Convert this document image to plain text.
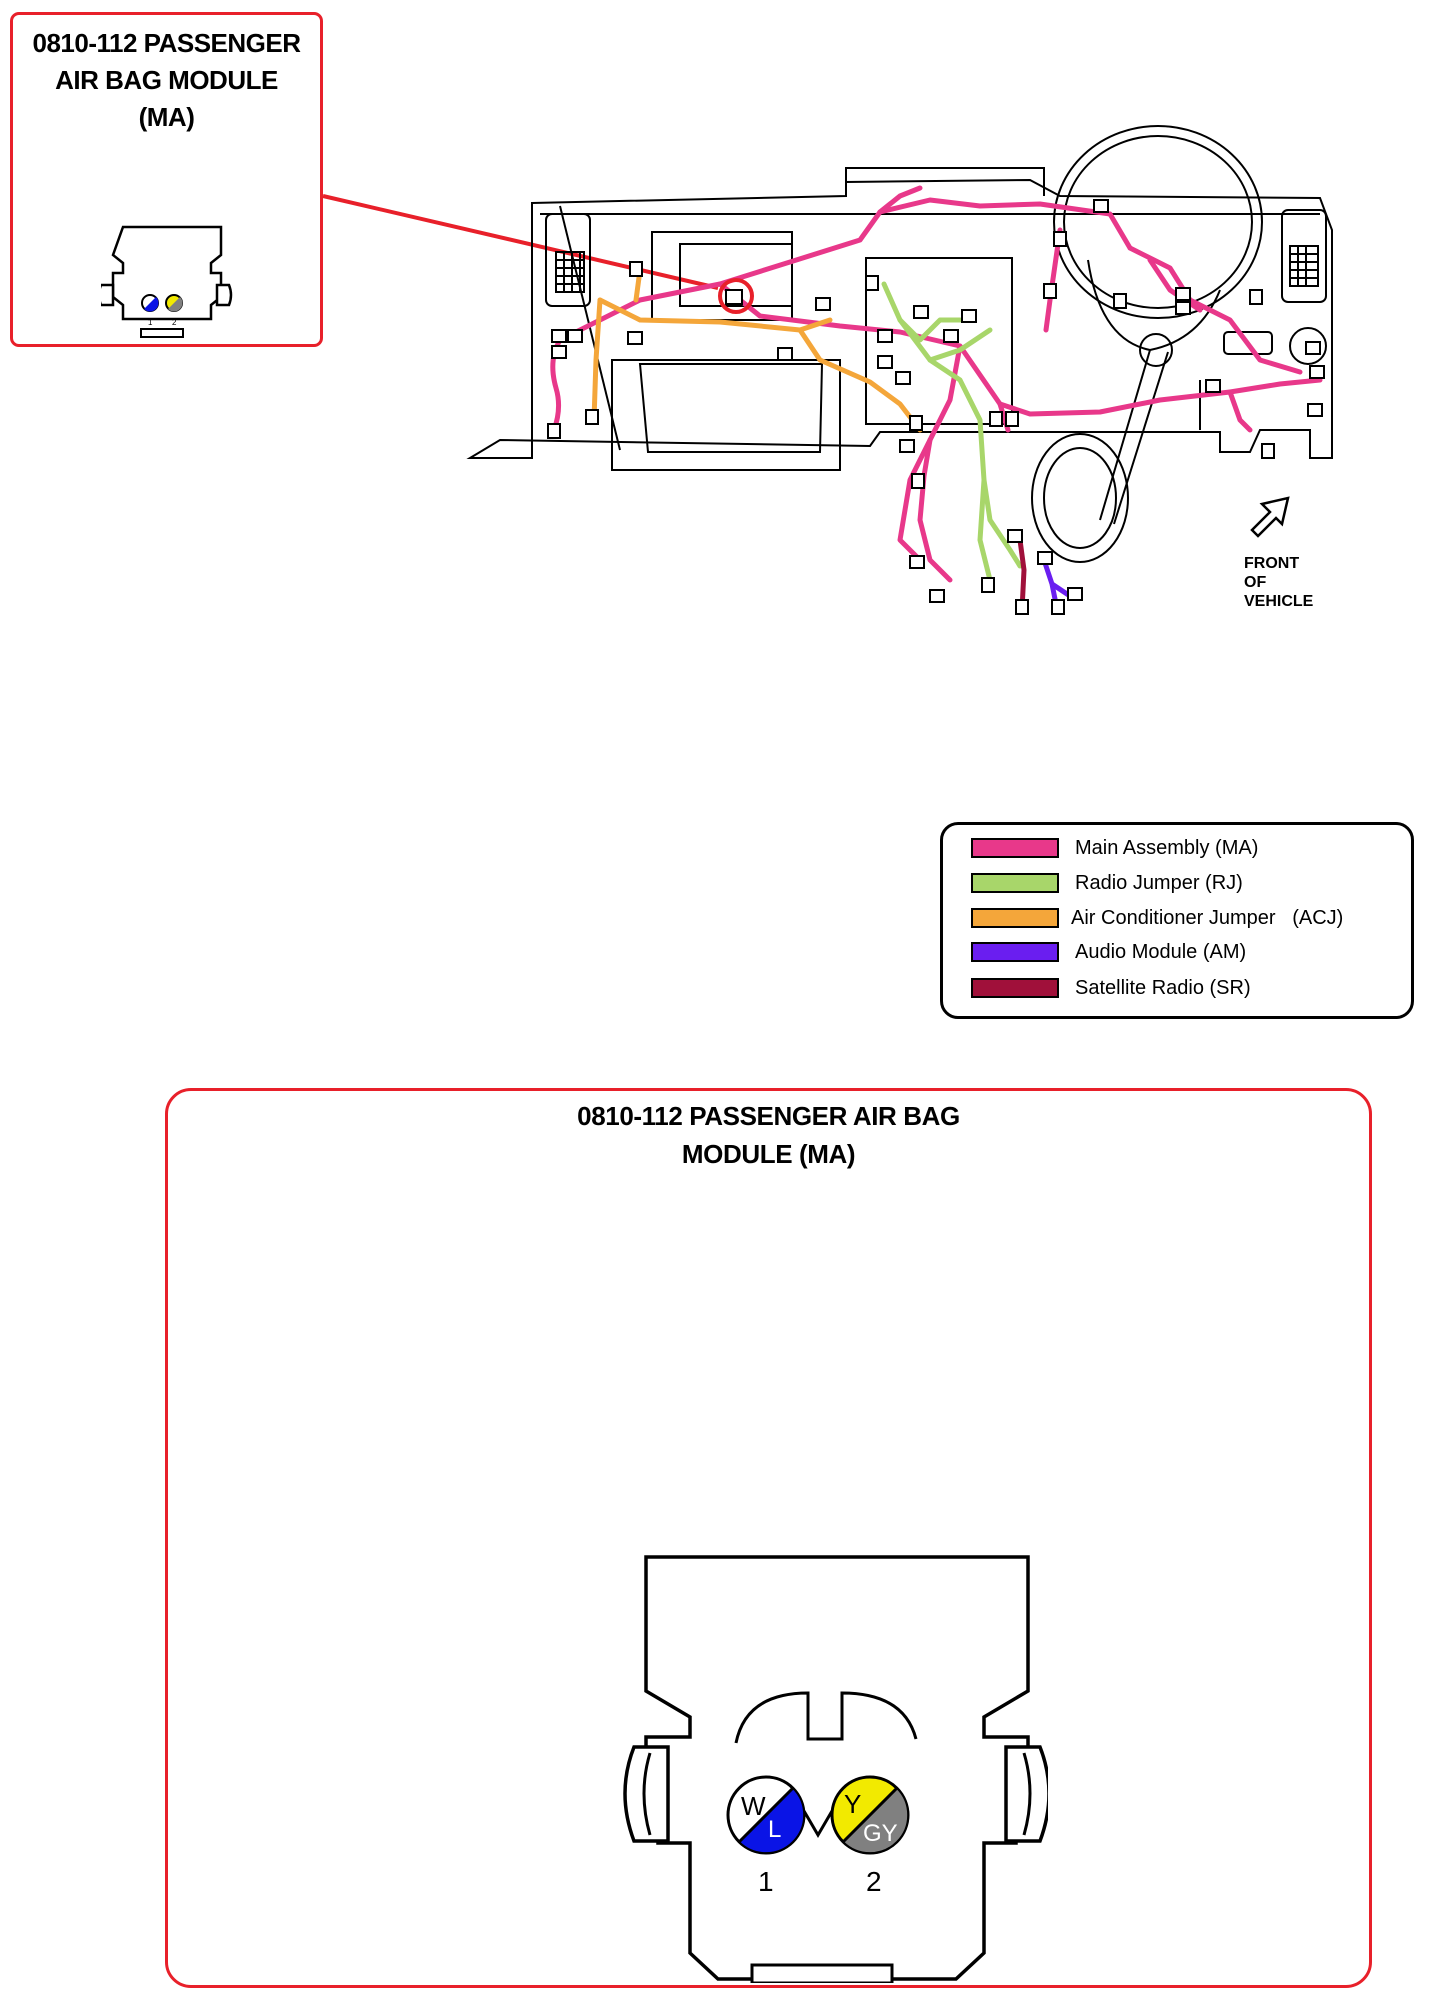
0810-112 PASSENGER
AIR BAG MODULE
(MA)
1 2
FRONT
OF
VEHICLE
Main Assembly (MA)
Radio Jumper (RJ)
Air Conditioner Jumper   (ACJ)
Audio Module (AM)
Satellite Radio (SR)
0810-112 PASSENGER AIR BAG
MODULE (MA)
W
L
Y
GY
1	2
